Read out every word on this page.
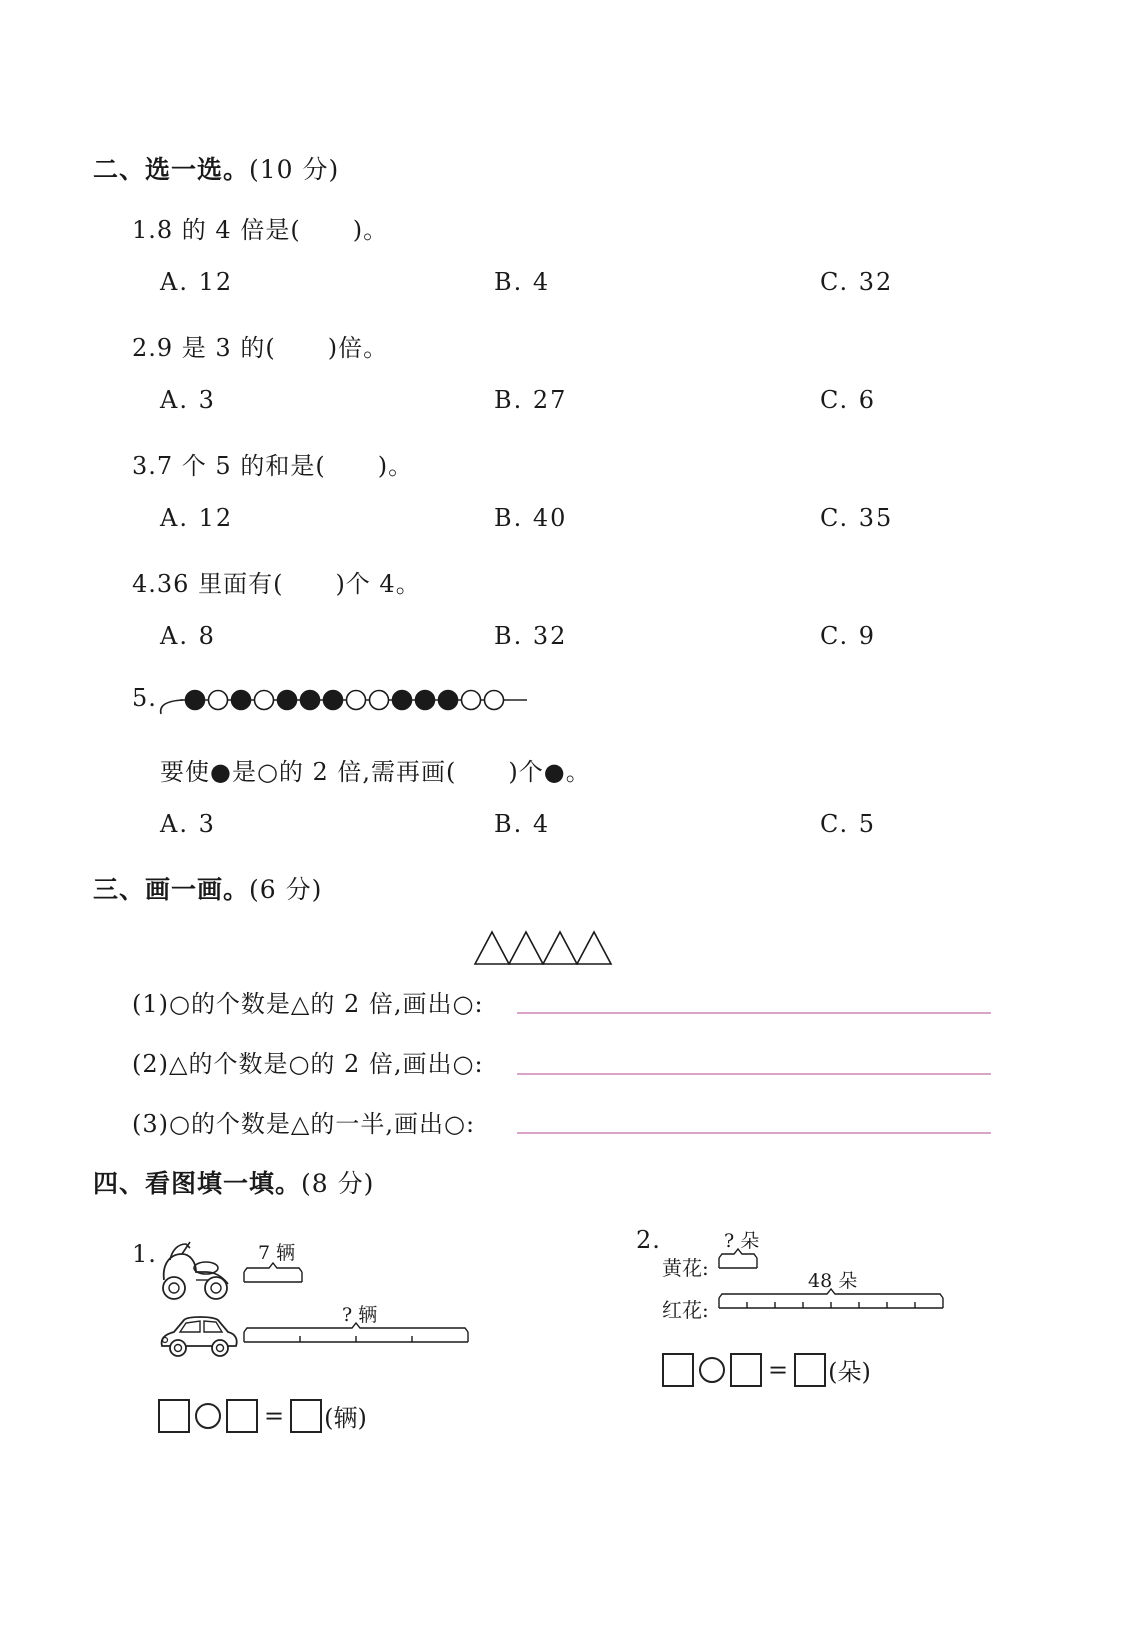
二、选一选。(10 分)
1.8 的 4 倍是( )。
A. 12	B. 4	C. 32
2.9 是 3 的( )倍。
A. 3	B. 27	C. 6
3.7 个 5 的和是( )。
A. 12	B. 40	C. 35
4.36 里面有( )个 4。
A. 8	B. 32	C. 9
5.
要使●是○的 2 倍,需再画( )个●。
A. 3	B. 4	C. 5
三、画一画。(6 分)
(1)○的个数是△的 2 倍,画出○:
(2)△的个数是○的 2 倍,画出○:
(3)○的个数是△的一半,画出○:
四、看图填一填。(8 分)
1.	7 辆
? 辆
= (辆)
2.
黄花:
? 朵
48 朵
红花:
= (朵)
